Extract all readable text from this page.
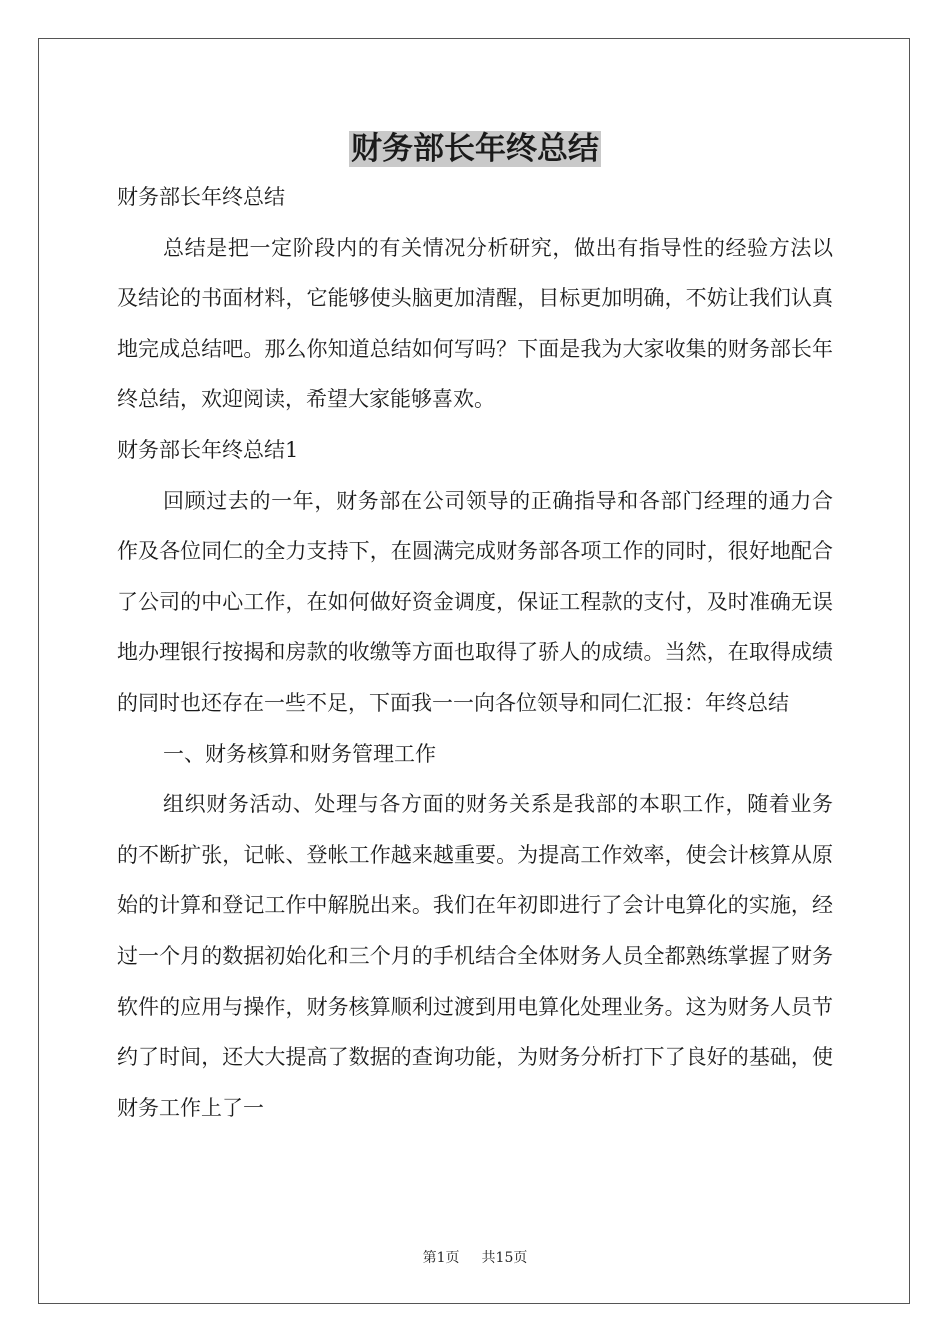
财务部长年终总结

财务部长年终总结

总结是把一定阶段内的有关情况分析研究，做出有指导性的经验方法以及结论的书面材料，它能够使头脑更加清醒，目标更加明确，不妨让我们认真地完成总结吧。那么你知道总结如何写吗？下面是我为大家收集的财务部长年终总结，欢迎阅读，希望大家能够喜欢。

财务部长年终总结1

回顾过去的一年，财务部在公司领导的正确指导和各部门经理的通力合作及各位同仁的全力支持下，在圆满完成财务部各项工作的同时，很好地配合了公司的中心工作，在如何做好资金调度，保证工程款的支付，及时准确无误地办理银行按揭和房款的收缴等方面也取得了骄人的成绩。当然，在取得成绩的同时也还存在一些不足，下面我一一向各位领导和同仁汇报：年终总结

一、财务核算和财务管理工作

组织财务活动、处理与各方面的财务关系是我部的本职工作，随着业务的不断扩张，记帐、登帐工作越来越重要。为提高工作效率，使会计核算从原始的计算和登记工作中解脱出来。我们在年初即进行了会计电算化的实施，经过一个月的数据初始化和三个月的手机结合全体财务人员全都熟练掌握了财务软件的应用与操作，财务核算顺利过渡到用电算化处理业务。这为财务人员节约了时间，还大大提高了数据的查询功能，为财务分析打下了良好的基础，使财务工作上了一

第1页 共15页
